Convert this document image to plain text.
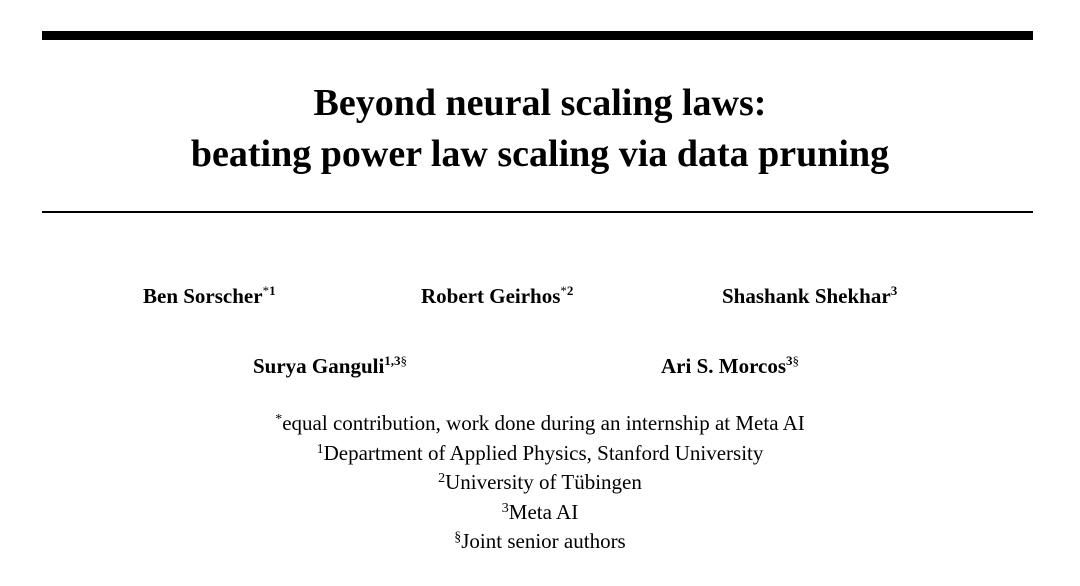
Beyond neural scaling laws:
beating power law scaling via data pruning
Ben Sorscher$^{*1}$	Robert Geirhos$^{*2}$	Shashank Shekhar$^3$
Surya Ganguli$^{1,3\S}$	Ari S. Morcos$^{3\S}$
*equal contribution, work done during an internship at Meta AI
$^1$Department of Applied Physics, Stanford University
$^2$University of Tübingen
$^3$Meta AI
§Joint senior authors
